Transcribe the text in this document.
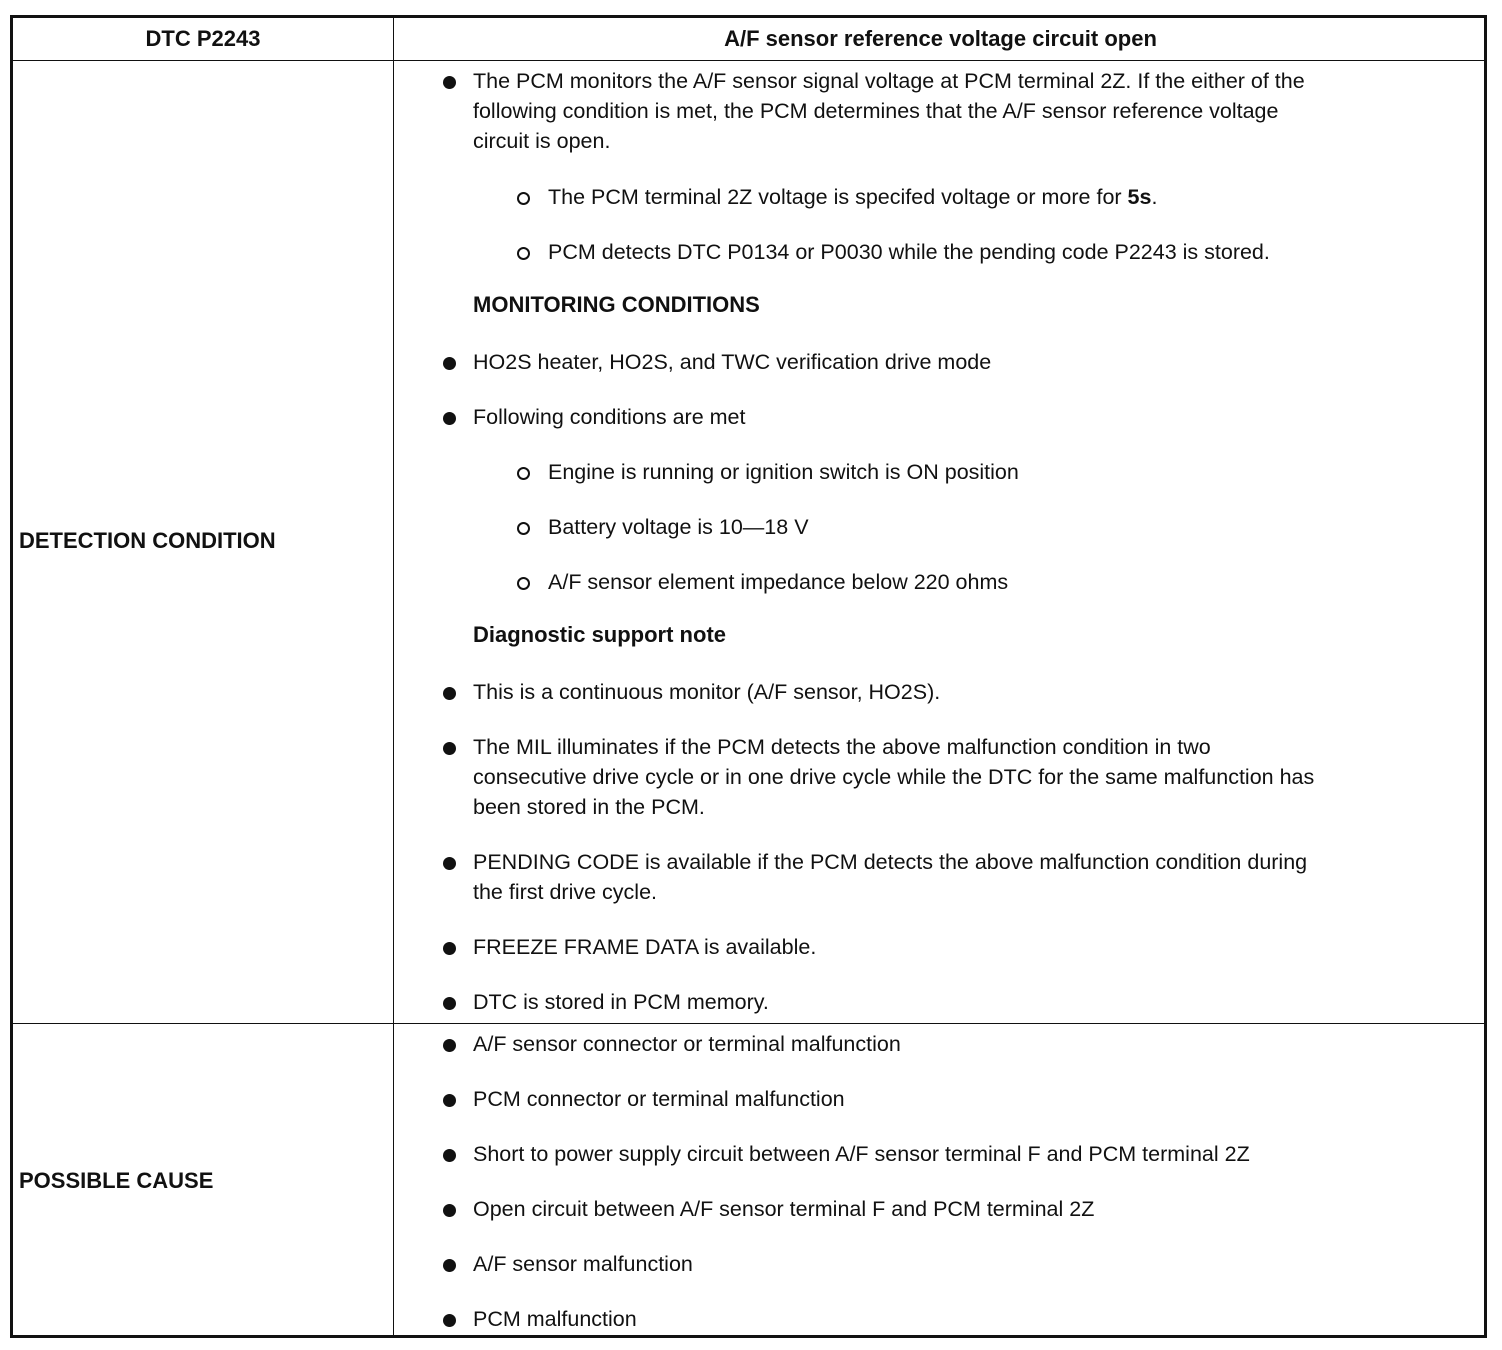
DTC P2243	A/F sensor reference voltage circuit open
DETECTION CONDITION
POSSIBLE CAUSE
The PCM monitors the A/F sensor signal voltage at PCM terminal 2Z. If the either of the
following condition is met, the PCM determines that the A/F sensor reference voltage
circuit is open.
The PCM terminal 2Z voltage is specifed voltage or more for 5s.
PCM detects DTC P0134 or P0030 while the pending code P2243 is stored.
MONITORING CONDITIONS
HO2S heater, HO2S, and TWC verification drive mode
Following conditions are met
Engine is running or ignition switch is ON position
Battery voltage is 10—18 V
A/F sensor element impedance below 220 ohms
Diagnostic support note
This is a continuous monitor (A/F sensor, HO2S).
The MIL illuminates if the PCM detects the above malfunction condition in two
consecutive drive cycle or in one drive cycle while the DTC for the same malfunction has
been stored in the PCM.
PENDING CODE is available if the PCM detects the above malfunction condition during
the first drive cycle.
FREEZE FRAME DATA is available.
DTC is stored in PCM memory.
A/F sensor connector or terminal malfunction
PCM connector or terminal malfunction
Short to power supply circuit between A/F sensor terminal F and PCM terminal 2Z
Open circuit between A/F sensor terminal F and PCM terminal 2Z
A/F sensor malfunction
PCM malfunction
